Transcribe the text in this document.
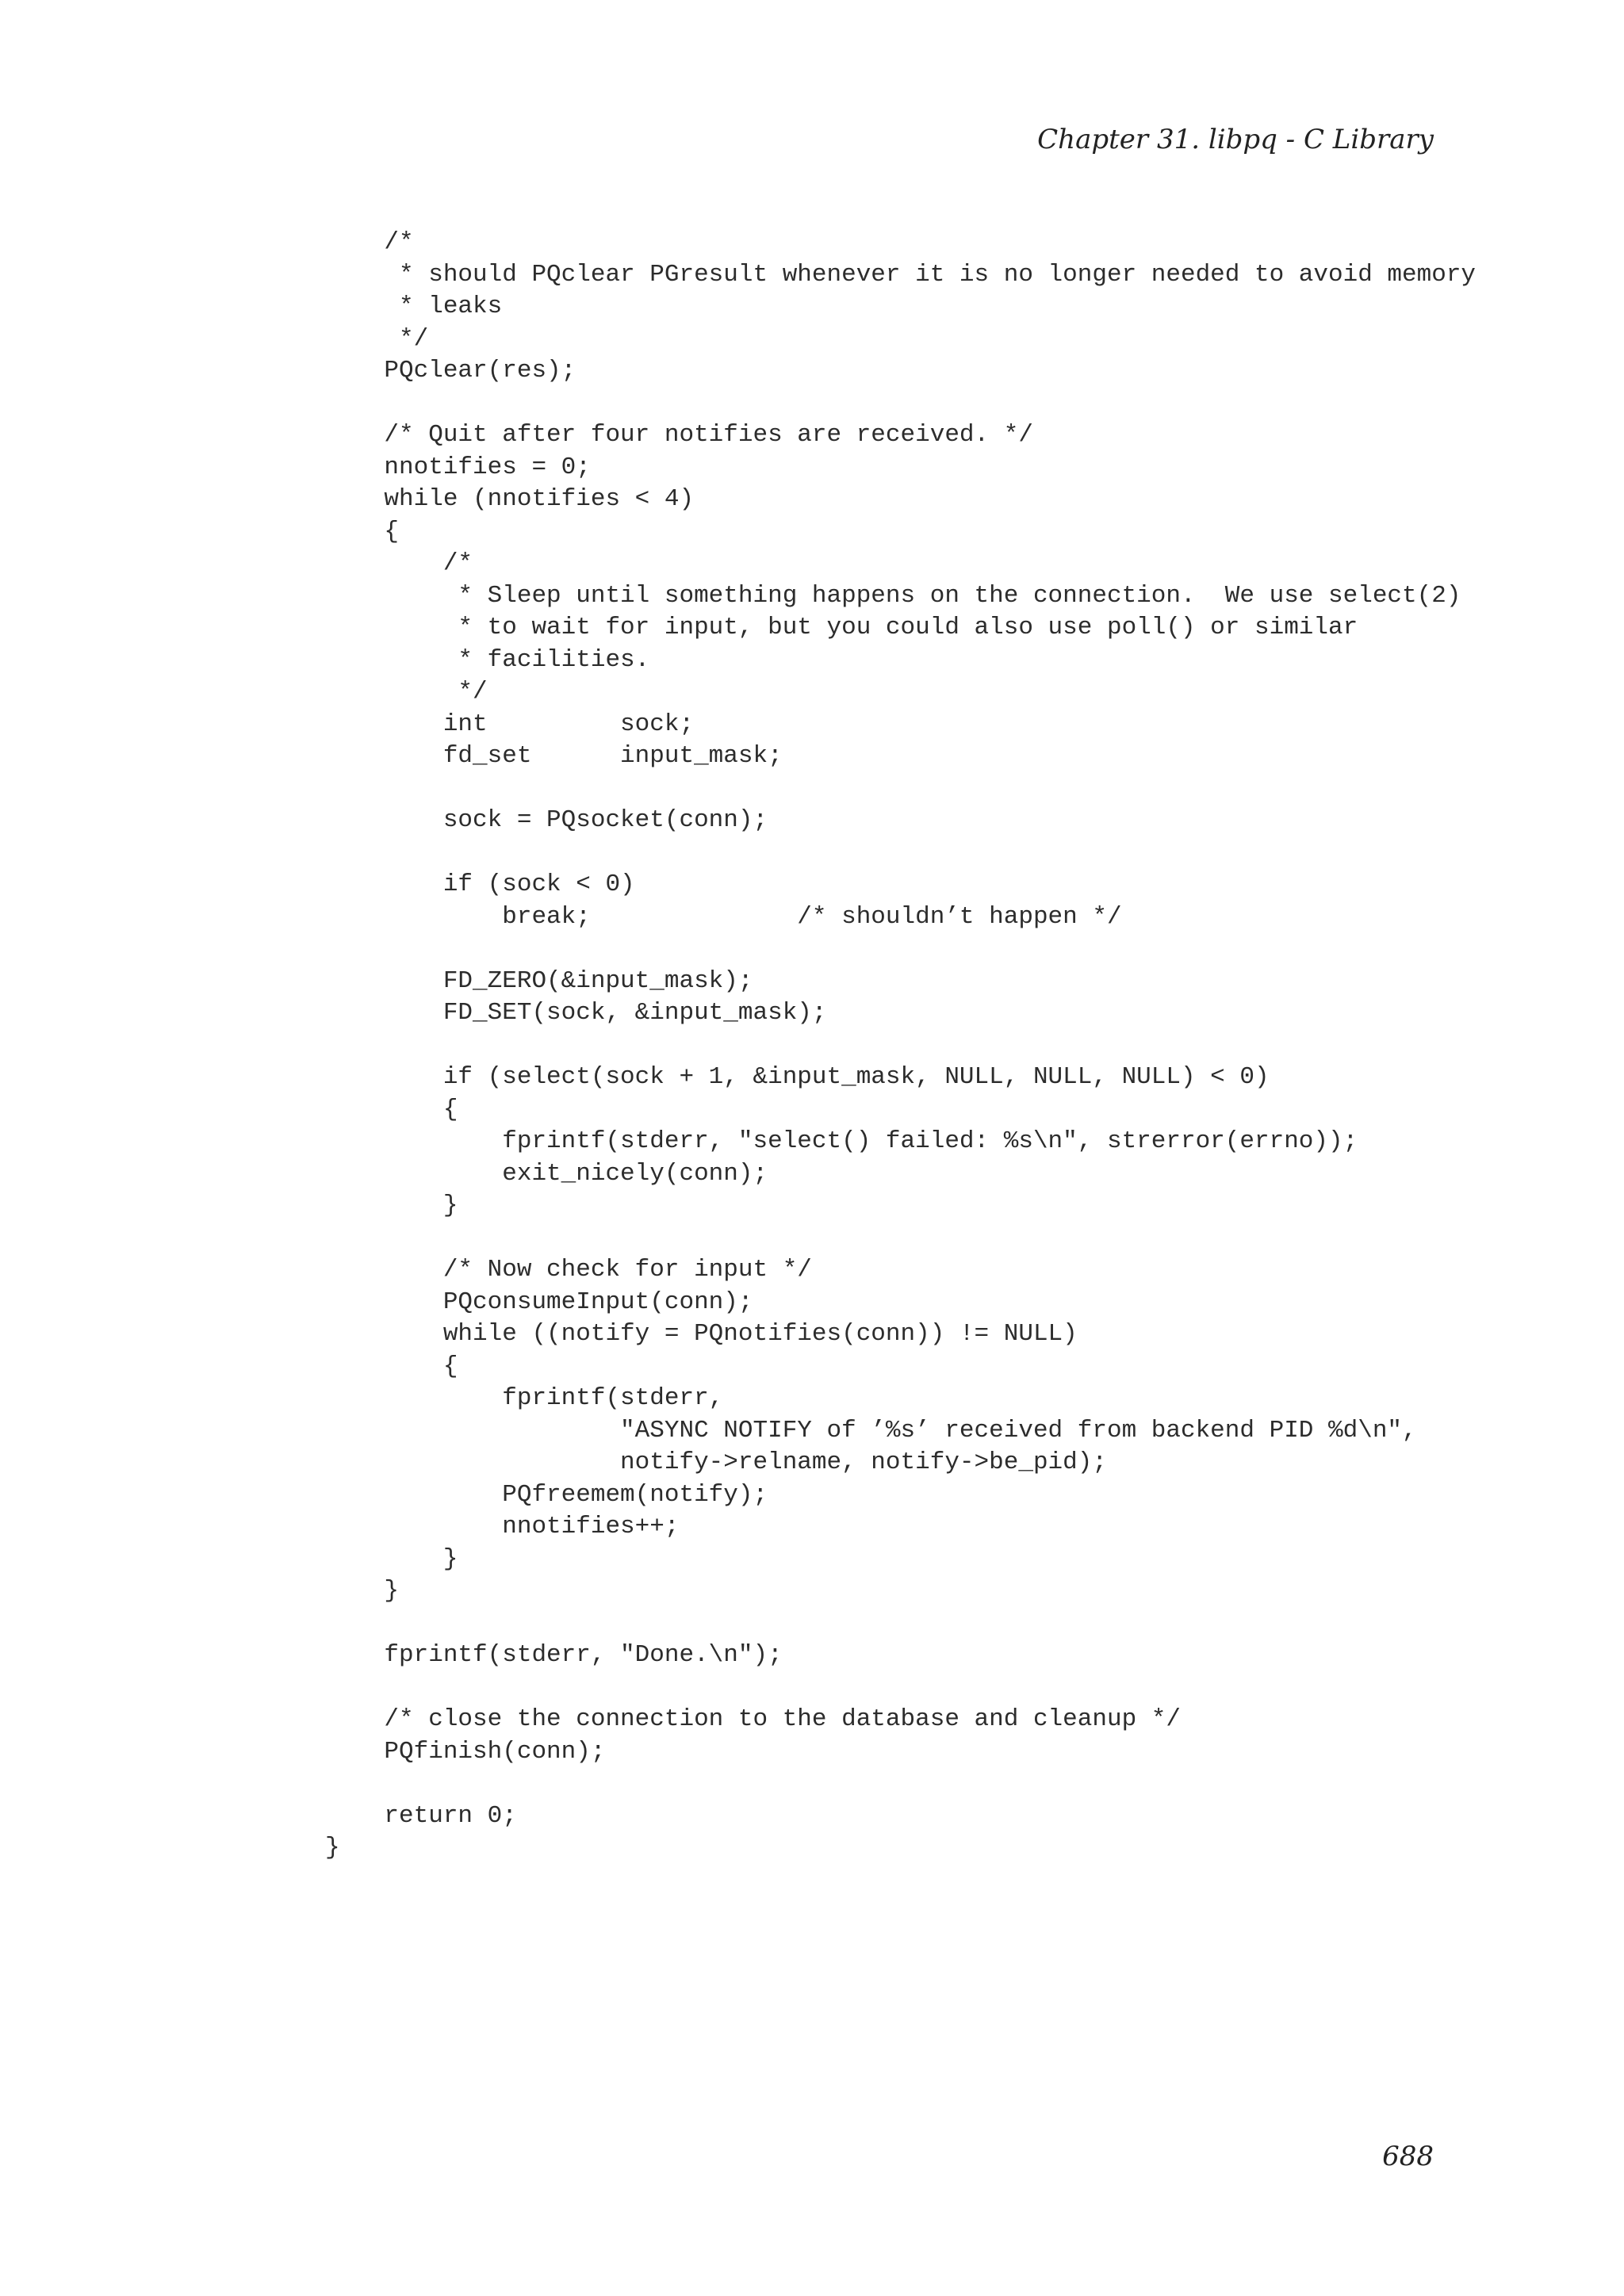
Chapter 31. libpq - C Library
/*
* should PQclear PGresult whenever it is no longer needed to avoid memory
* leaks
*/
PQclear(res);
/* Quit after four notifies are received. */
nnotifies = 0;
while (nnotifies < 4)
{
/*
* Sleep until something happens on the connection.  We use select(2)
* to wait for input, but you could also use poll() or similar
* facilities.
*/
int         sock;
fd_set      input_mask;
sock = PQsocket(conn);
if (sock < 0)
break;              /* shouldn’t happen */
FD_ZERO(&input_mask);
FD_SET(sock, &input_mask);
if (select(sock + 1, &input_mask, NULL, NULL, NULL) < 0)
{
fprintf(stderr, "select() failed: %s\n", strerror(errno));
exit_nicely(conn);
}
/* Now check for input */
PQconsumeInput(conn);
while ((notify = PQnotifies(conn)) != NULL)
{
fprintf(stderr,
"ASYNC NOTIFY of ’%s’ received from backend PID %d\n",
notify->relname, notify->be_pid);
PQfreemem(notify);
nnotifies++;
}
}
fprintf(stderr, "Done.\n");
/* close the connection to the database and cleanup */
PQfinish(conn);
return 0;
}
688
